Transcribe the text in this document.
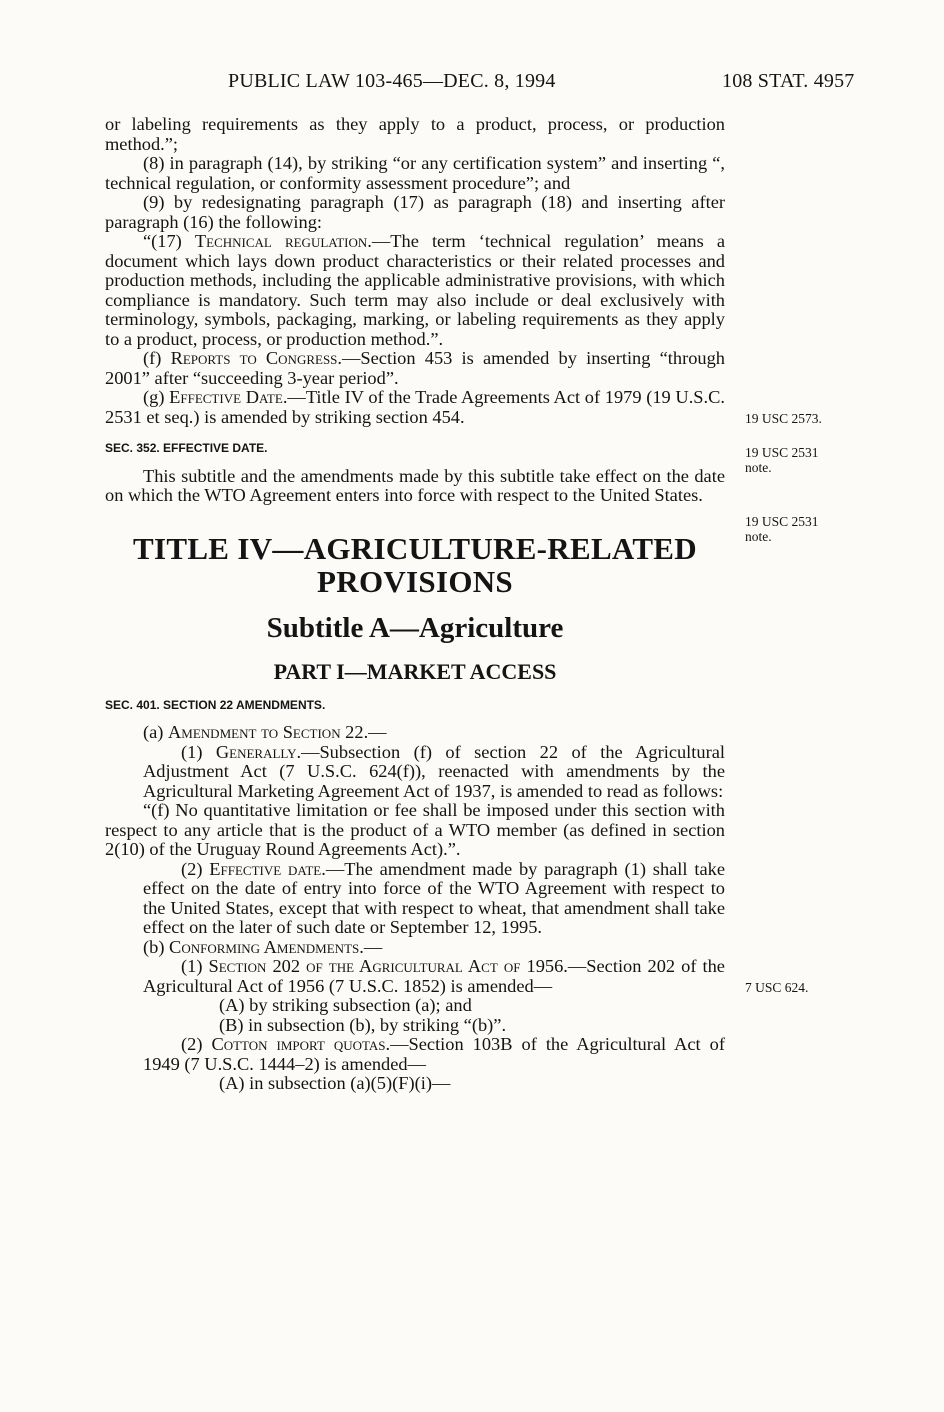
PUBLIC LAW 103-465—DEC. 8, 1994	108 STAT. 4957

or labeling requirements as they apply to a product, process, or production method.”;

(8) in paragraph (14), by striking “or any certification system” and inserting “, technical regulation, or conformity assessment procedure”; and

(9) by redesignating paragraph (17) as paragraph (18) and inserting after paragraph (16) the following:

“(17) Technical regulation.—The term ‘technical regulation’ means a document which lays down product characteristics or their related processes and production methods, including the applicable administrative provisions, with which compliance is mandatory. Such term may also include or deal exclusively with terminology, symbols, packaging, marking, or labeling requirements as they apply to a product, process, or production method.”.

(f) Reports to Congress.—Section 453 is amended by inserting “through 2001” after “succeeding 3-year period”.

(g) Effective Date.—Title IV of the Trade Agreements Act of 1979 (19 U.S.C. 2531 et seq.) is amended by striking section 454.

SEC. 352. EFFECTIVE DATE.

This subtitle and the amendments made by this subtitle take effect on the date on which the WTO Agreement enters into force with respect to the United States.

TITLE IV—AGRICULTURE-RELATED
PROVISIONS

Subtitle A—Agriculture

PART I—MARKET ACCESS

SEC. 401. SECTION 22 AMENDMENTS.

(a) Amendment to Section 22.—

(1) Generally.—Subsection (f) of section 22 of the Agricultural Adjustment Act (7 U.S.C. 624(f)), reenacted with amendments by the Agricultural Marketing Agreement Act of 1937, is amended to read as follows:

“(f) No quantitative limitation or fee shall be imposed under this section with respect to any article that is the product of a WTO member (as defined in section 2(10) of the Uruguay Round Agreements Act).”.

(2) Effective date.—The amendment made by paragraph (1) shall take effect on the date of entry into force of the WTO Agreement with respect to the United States, except that with respect to wheat, that amendment shall take effect on the later of such date or September 12, 1995.

(b) Conforming Amendments.—

(1) Section 202 of the Agricultural Act of 1956.—Section 202 of the Agricultural Act of 1956 (7 U.S.C. 1852) is amended—

(A) by striking subsection (a); and

(B) in subsection (b), by striking “(b)”.

(2) Cotton import quotas.—Section 103B of the Agricultural Act of 1949 (7 U.S.C. 1444–2) is amended—

(A) in subsection (a)(5)(F)(i)—

19 USC 2573.
19 USC 2531
note.
19 USC 2531
note.
7 USC 624.
